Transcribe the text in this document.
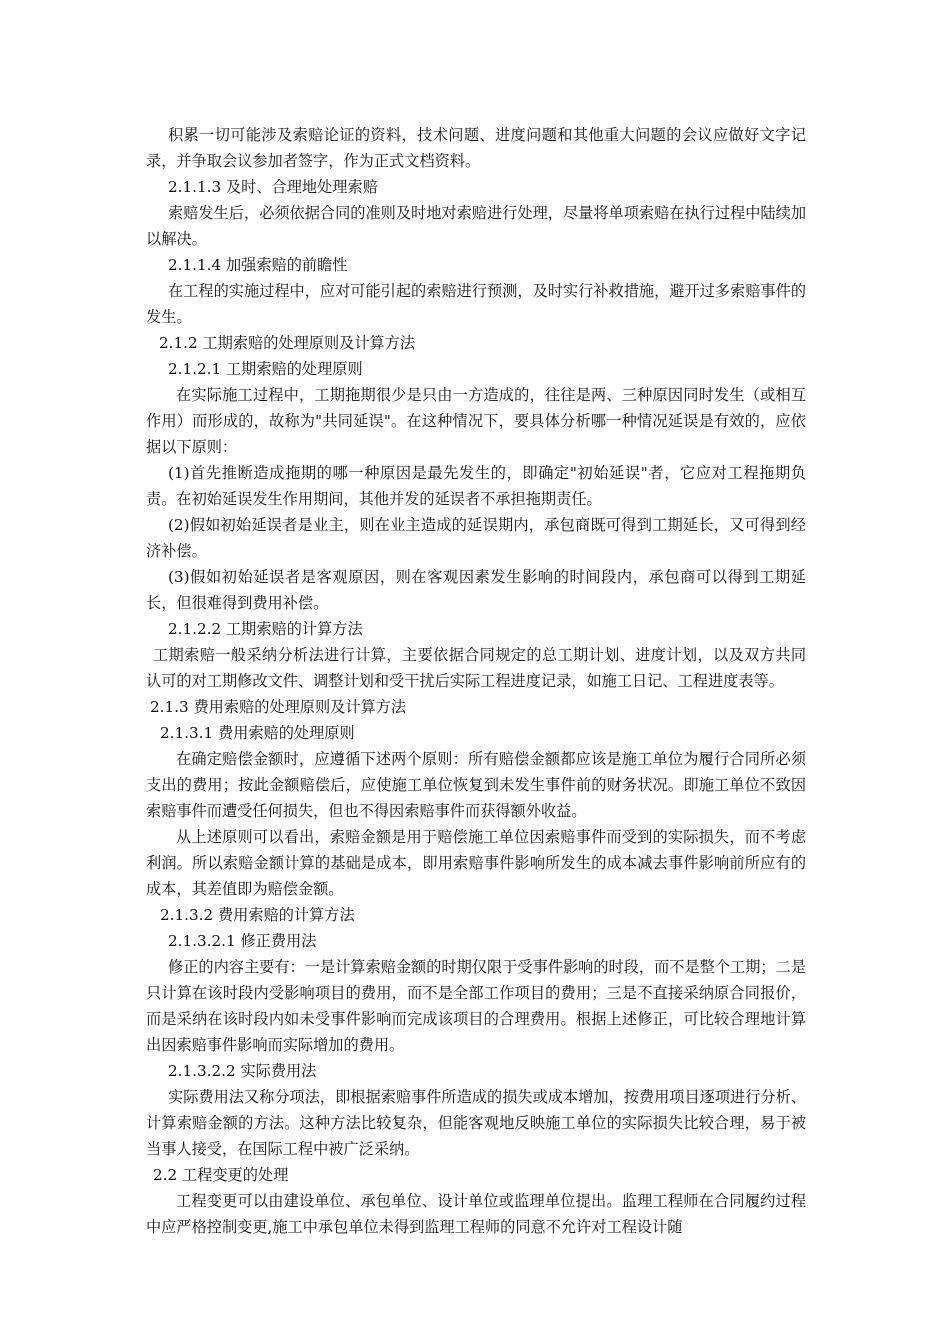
积累一切可能涉及索赔论证的资料，技术问题、进度问题和其他重大问题的会议应做好文字记录，并争取会议参加者签字，作为正式文档资料。

2.1.1.3 及时、合理地处理索赔

索赔发生后，必须依据合同的准则及时地对索赔进行处理，尽量将单项索赔在执行过程中陆续加以解决。

2.1.1.4 加强索赔的前瞻性

在工程的实施过程中，应对可能引起的索赔进行预测，及时实行补救措施，避开过多索赔事件的发生。

2.1.2 工期索赔的处理原则及计算方法
2.1.2.1 工期索赔的处理原则

在实际施工过程中，工期拖期很少是只由一方造成的，往往是两、三种原因同时发生（或相互作用）而形成的，故称为"共同延误"。在这种情况下，要具体分析哪一种情况延误是有效的，应依据以下原则：

(1)首先推断造成拖期的哪一种原因是最先发生的，即确定"初始延误"者，它应对工程拖期负责。在初始延误发生作用期间，其他并发的延误者不承担拖期责任。

(2)假如初始延误者是业主，则在业主造成的延误期内，承包商既可得到工期延长，又可得到经济补偿。

(3)假如初始延误者是客观原因，则在客观因素发生影响的时间段内，承包商可以得到工期延长，但很难得到费用补偿。

2.1.2.2 工期索赔的计算方法

工期索赔一般采纳分析法进行计算，主要依据合同规定的总工期计划、进度计划，以及双方共同认可的对工期修改文件、调整计划和受干扰后实际工程进度记录，如施工日记、工程进度表等。

2.1.3 费用索赔的处理原则及计算方法
2.1.3.1 费用索赔的处理原则

在确定赔偿金额时，应遵循下述两个原则：所有赔偿金额都应该是施工单位为履行合同所必须支出的费用；按此金额赔偿后，应使施工单位恢复到未发生事件前的财务状况。即施工单位不致因索赔事件而遭受任何损失，但也不得因索赔事件而获得额外收益。

从上述原则可以看出，索赔金额是用于赔偿施工单位因索赔事件而受到的实际损失，而不考虑利润。所以索赔金额计算的基础是成本，即用索赔事件影响所发生的成本减去事件影响前所应有的成本，其差值即为赔偿金额。

2.1.3.2 费用索赔的计算方法
2.1.3.2.1 修正费用法

修正的内容主要有：一是计算索赔金额的时期仅限于受事件影响的时段，而不是整个工期；二是只计算在该时段内受影响项目的费用，而不是全部工作项目的费用；三是不直接采纳原合同报价，而是采纳在该时段内如未受事件影响而完成该项目的合理费用。根据上述修正，可比较合理地计算出因索赔事件影响而实际增加的费用。

2.1.3.2.2 实际费用法

实际费用法又称分项法，即根据索赔事件所造成的损失或成本增加，按费用项目逐项进行分析、计算索赔金额的方法。这种方法比较复杂，但能客观地反映施工单位的实际损失比较合理，易于被当事人接受，在国际工程中被广泛采纳。

2.2 工程变更的处理

工程变更可以由建设单位、承包单位、设计单位或监理单位提出。监理工程师在合同履约过程中应严格控制变更,施工中承包单位未得到监理工程师的同意不允许对工程设计随
